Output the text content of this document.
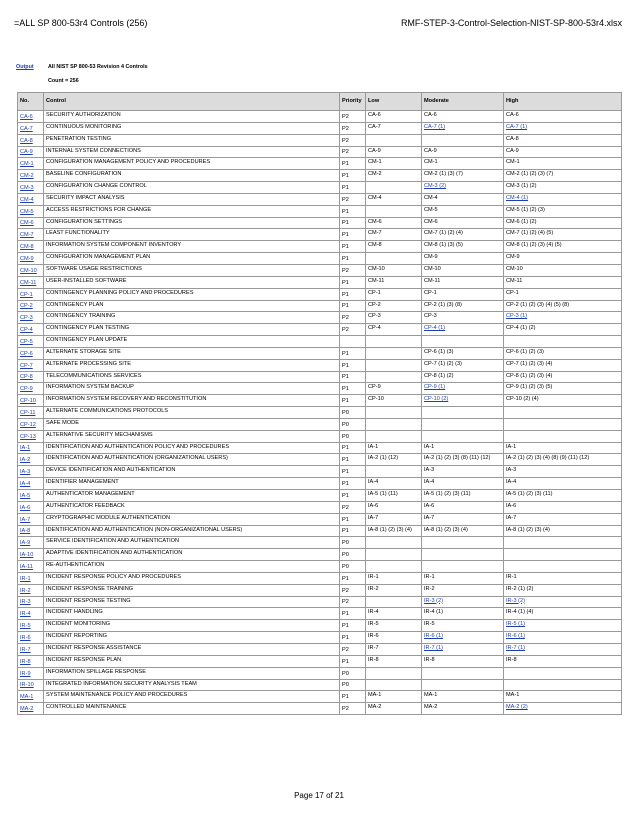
=ALL SP 800-53r4 Controls (256)	RMF-STEP-3-Control-Selection-NIST-SP-800-53r4.xlsx
Output	All NIST SP 800-53 Revision 4 Controls
Count = 256
No.	Control	Priority	Low	Moderate	High
CA-6	SECURITY AUTHORIZATION	P2	CA-6	CA-6	CA-6
CA-7	CONTINUOUS MONITORING	P2	CA-7	CA-7 (1)	CA-7 (1)
CA-8	PENETRATION TESTING	P2			CA-8
CA-9	INTERNAL SYSTEM CONNECTIONS	P2	CA-9	CA-9	CA-9
CM-1	CONFIGURATION MANAGEMENT POLICY AND PROCEDURES	P1	CM-1	CM-1	CM-1
CM-2	BASELINE CONFIGURATION	P1	CM-2	CM-2 (1) (3) (7)	CM-2 (1) (2) (3) (7)
CM-3	CONFIGURATION CHANGE CONTROL	P1		CM-3 (2)	CM-3 (1) (2)
CM-4	SECURITY IMPACT ANALYSIS	P2	CM-4	CM-4	CM-4 (1)
CM-5	ACCESS RESTRICTIONS FOR CHANGE	P1		CM-5	CM-5 (1) (2) (3)
CM-6	CONFIGURATION SETTINGS	P1	CM-6	CM-6	CM-6 (1) (2)
CM-7	LEAST FUNCTIONALITY	P1	CM-7	CM-7 (1) (2) (4)	CM-7 (1) (2) (4) (5)
CM-8	INFORMATION SYSTEM COMPONENT INVENTORY	P1	CM-8	CM-8 (1) (3) (5)	CM-8 (1) (2) (3) (4) (5)
CM-9	CONFIGURATION MANAGEMENT PLAN	P1		CM-9	CM-9
CM-10	SOFTWARE USAGE RESTRICTIONS	P2	CM-10	CM-10	CM-10
CM-11	USER-INSTALLED SOFTWARE	P1	CM-11	CM-11	CM-11
CP-1	CONTINGENCY PLANNING POLICY AND PROCEDURES	P1	CP-1	CP-1	CP-1
CP-2	CONTINGENCY PLAN	P1	CP-2	CP-2 (1) (3) (8)	CP-2 (1) (2) (3) (4) (5) (8)
CP-3	CONTINGENCY TRAINING	P2	CP-3	CP-3	CP-3 (1)
CP-4	CONTINGENCY PLAN TESTING	P2	CP-4	CP-4 (1)	CP-4 (1) (2)
CP-5	CONTINGENCY PLAN UPDATE				
CP-6	ALTERNATE STORAGE SITE	P1		CP-6 (1) (3)	CP-6 (1) (2) (3)
CP-7	ALTERNATE PROCESSING SITE	P1		CP-7 (1) (2) (3)	CP-7 (1) (2) (3) (4)
CP-8	TELECOMMUNICATIONS SERVICES	P1		CP-8 (1) (2)	CP-8 (1) (2) (3) (4)
CP-9	INFORMATION SYSTEM BACKUP	P1	CP-9	CP-9 (1)	CP-9 (1) (2) (3) (5)
CP-10	INFORMATION SYSTEM RECOVERY AND RECONSTITUTION	P1	CP-10	CP-10 (2)	CP-10 (2) (4)
CP-11	ALTERNATE COMMUNICATIONS PROTOCOLS	P0			
CP-12	SAFE MODE	P0			
CP-13	ALTERNATIVE SECURITY MECHANISMS	P0			
IA-1	IDENTIFICATION AND AUTHENTICATION POLICY AND PROCEDURES	P1	IA-1	IA-1	IA-1
IA-2	IDENTIFICATION AND AUTHENTICATION (ORGANIZATIONAL USERS)	P1	IA-2 (1) (12)	IA-2 (1) (2) (3) (8) (11) (12)	IA-2 (1) (2) (3) (4) (8) (9) (11) (12)
IA-3	DEVICE IDENTIFICATION AND AUTHENTICATION	P1		IA-3	IA-3
IA-4	IDENTIFIER MANAGEMENT	P1	IA-4	IA-4	IA-4
IA-5	AUTHENTICATOR MANAGEMENT	P1	IA-5 (1) (11)	IA-5 (1) (2) (3) (11)	IA-5 (1) (2) (3) (11)
IA-6	AUTHENTICATOR FEEDBACK	P2	IA-6	IA-6	IA-6
IA-7	CRYPTOGRAPHIC MODULE AUTHENTICATION	P1	IA-7	IA-7	IA-7
IA-8	IDENTIFICATION AND AUTHENTICATION (NON-ORGANIZATIONAL USERS)	P1	IA-8 (1) (2) (3) (4)	IA-8 (1) (2) (3) (4)	IA-8 (1) (2) (3) (4)
IA-9	SERVICE IDENTIFICATION AND AUTHENTICATION	P0			
IA-10	ADAPTIVE IDENTIFICATION AND AUTHENTICATION	P0			
IA-11	RE-AUTHENTICATION	P0			
IR-1	INCIDENT RESPONSE POLICY AND PROCEDURES	P1	IR-1	IR-1	IR-1
IR-2	INCIDENT RESPONSE TRAINING	P2	IR-2	IR-2	IR-2 (1) (2)
IR-3	INCIDENT RESPONSE TESTING	P2		IR-3 (2)	IR-3 (2)
IR-4	INCIDENT HANDLING	P1	IR-4	IR-4 (1)	IR-4 (1) (4)
IR-5	INCIDENT MONITORING	P1	IR-5	IR-5	IR-5 (1)
IR-6	INCIDENT REPORTING	P1	IR-6	IR-6 (1)	IR-6 (1)
IR-7	INCIDENT RESPONSE ASSISTANCE	P2	IR-7	IR-7 (1)	IR-7 (1)
IR-8	INCIDENT RESPONSE PLAN	P1	IR-8	IR-8	IR-8
IR-9	INFORMATION SPILLAGE RESPONSE	P0			
IR-10	INTEGRATED INFORMATION SECURITY ANALYSIS TEAM	P0			
MA-1	SYSTEM MAINTENANCE POLICY AND PROCEDURES	P1	MA-1	MA-1	MA-1
MA-2	CONTROLLED MAINTENANCE	P2	MA-2	MA-2	MA-2 (2)
Page 17 of 21
